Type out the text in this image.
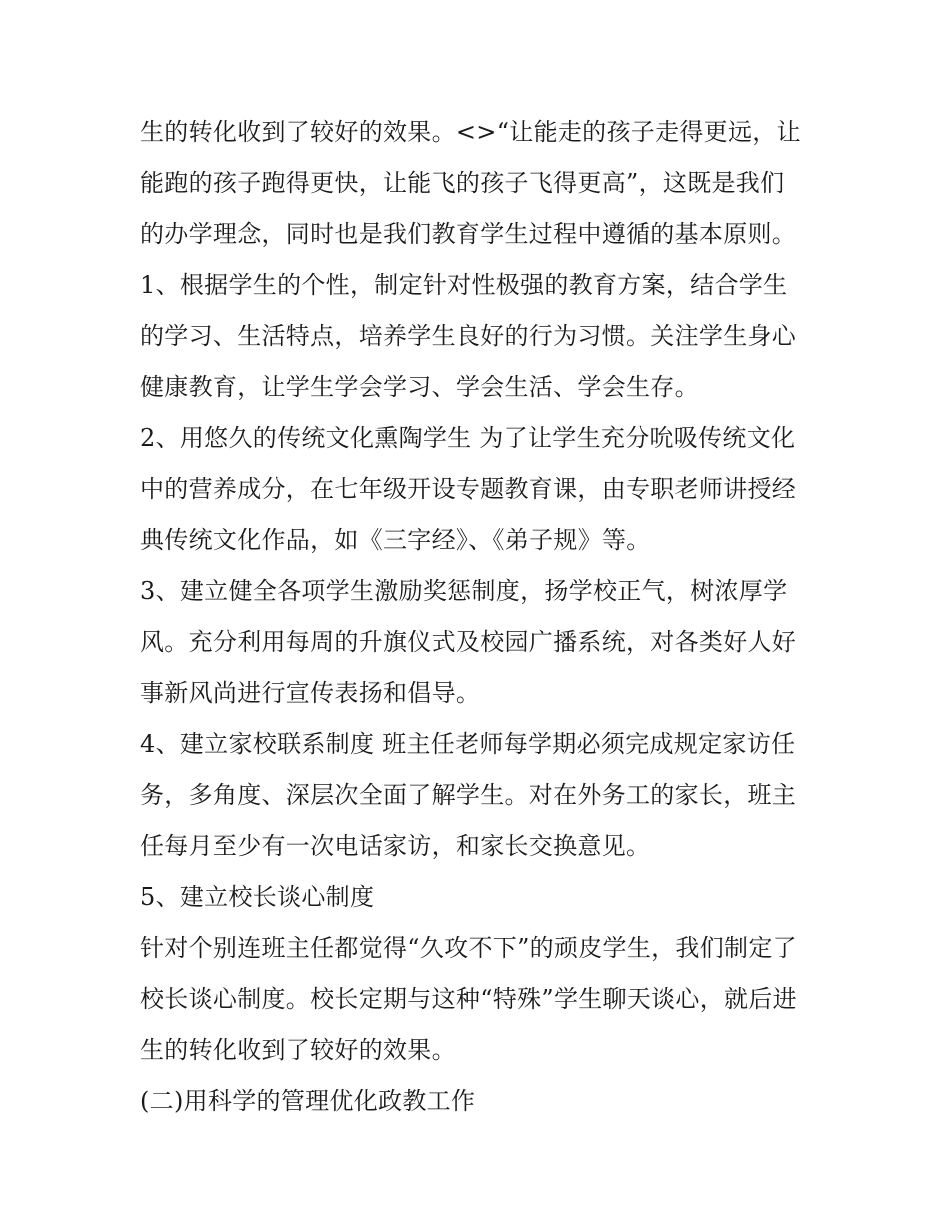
生的转化收到了较好的效果。<>“让能走的孩子走得更远，让
能跑的孩子跑得更快，让能飞的孩子飞得更高”，这既是我们
的办学理念，同时也是我们教育学生过程中遵循的基本原则。

1、根据学生的个性，制定针对性极强的教育方案，结合学生
的学习、生活特点，培养学生良好的行为习惯。关注学生身心
健康教育，让学生学会学习、学会生活、学会生存。

2、用悠久的传统文化熏陶学生 为了让学生充分吮吸传统文化
中的营养成分，在七年级开设专题教育课，由专职老师讲授经
典传统文化作品，如《三字经》、《弟子规》等。

3、建立健全各项学生激励奖惩制度，扬学校正气，树浓厚学
风。充分利用每周的升旗仪式及校园广播系统，对各类好人好
事新风尚进行宣传表扬和倡导。

4、建立家校联系制度 班主任老师每学期必须完成规定家访任
务，多角度、深层次全面了解学生。对在外务工的家长，班主
任每月至少有一次电话家访，和家长交换意见。

5、建立校长谈心制度

针对个别连班主任都觉得“久攻不下”的顽皮学生，我们制定了
校长谈心制度。校长定期与这种“特殊”学生聊天谈心，就后进
生的转化收到了较好的效果。

(二)用科学的管理优化政教工作
